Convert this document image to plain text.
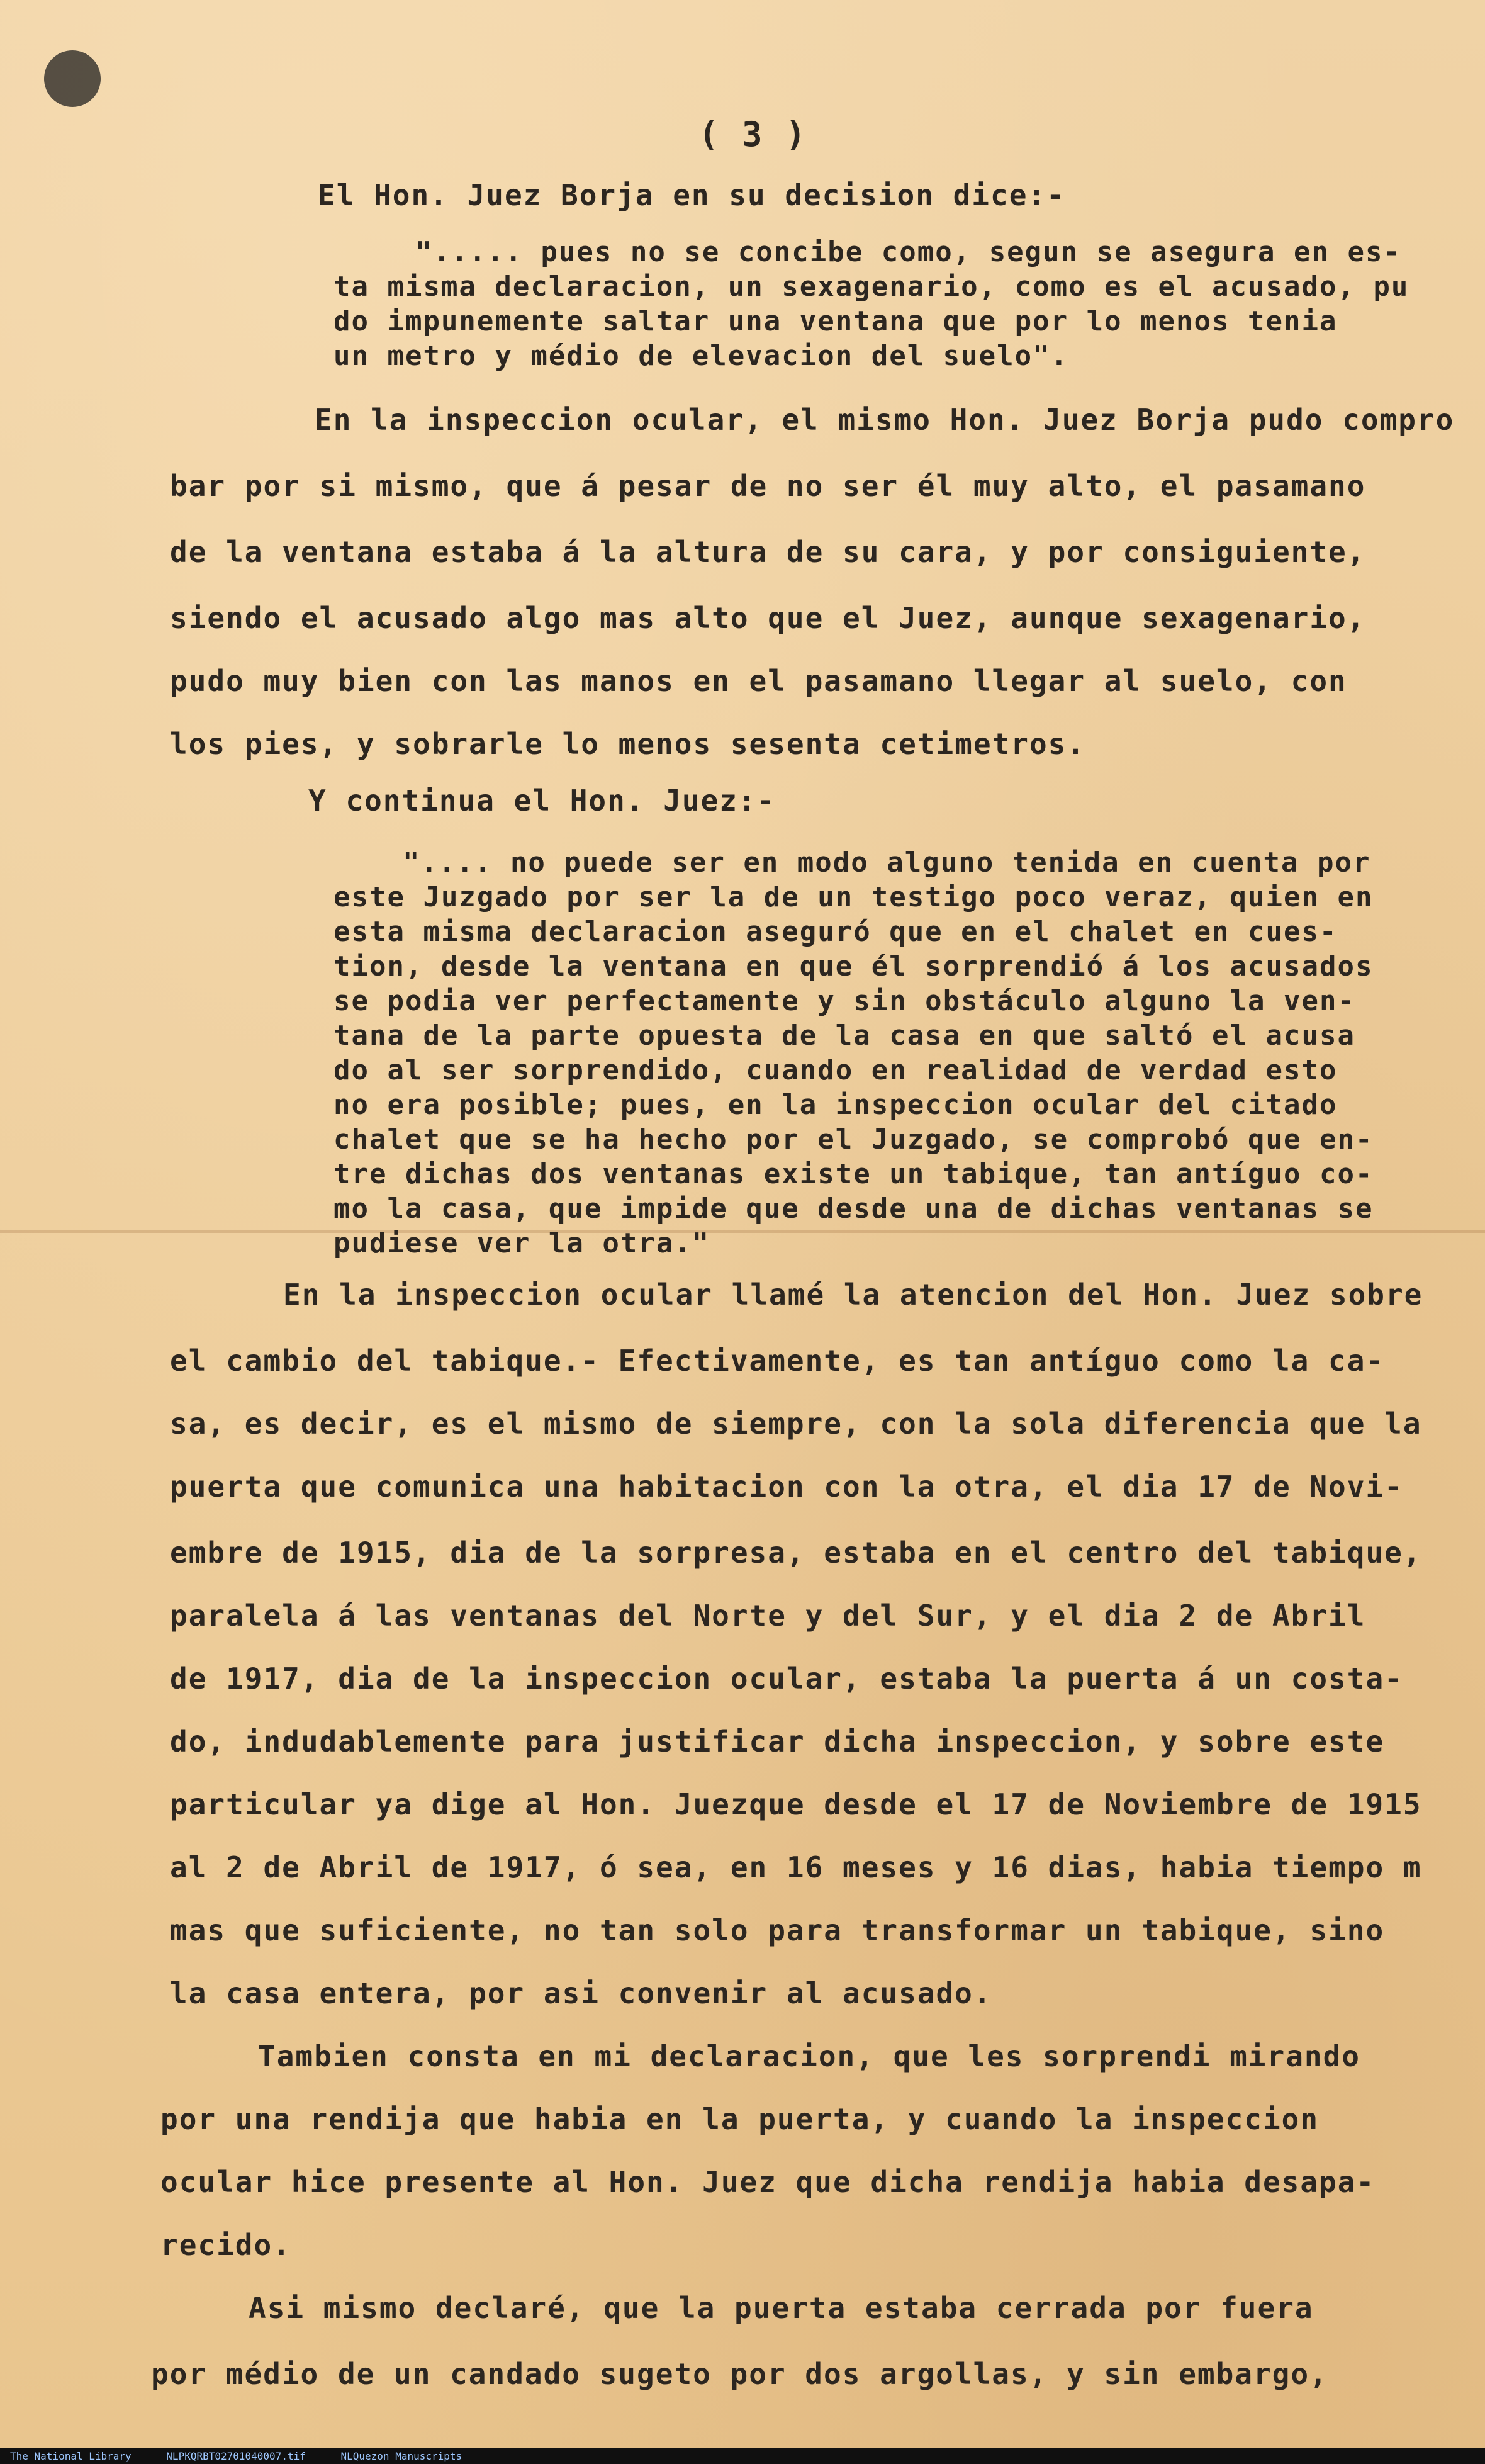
( 3 )
El Hon. Juez Borja en su decision dice:-
"..... pues no se concibe como, segun se asegura en es-
ta misma declaracion, un sexagenario, como es el acusado, pu
do impunemente saltar una ventana que por lo menos tenia
un metro y médio de elevacion del suelo".
En la inspeccion ocular, el mismo Hon. Juez Borja pudo compro
bar por si mismo, que á pesar de no ser él muy alto, el pasamano
de la ventana estaba á la altura de su cara, y por consiguiente,
siendo el acusado algo mas alto que el Juez, aunque sexagenario,
pudo muy bien con las manos en el pasamano llegar al suelo, con
los pies, y sobrarle lo menos sesenta cetimetros.
Y continua el Hon. Juez:-
".... no puede ser en modo alguno tenida en cuenta por
este Juzgado por ser la de un testigo poco veraz, quien en
esta misma declaracion aseguró que en el chalet en cues-
tion, desde la ventana en que él sorprendió á los acusados
se podia ver perfectamente y sin obstáculo alguno la ven-
tana de la parte opuesta de la casa en que saltó el acusa
do al ser sorprendido, cuando en realidad de verdad esto
no era posible; pues, en la inspeccion ocular del citado
chalet que se ha hecho por el Juzgado, se comprobó que en-
tre dichas dos ventanas existe un tabique, tan antíguo co-
mo la casa, que impide que desde una de dichas ventanas se
pudiese ver la otra."
En la inspeccion ocular llamé la atencion del Hon. Juez sobre
el cambio del tabique.- Efectivamente, es tan antíguo como la ca-
sa, es decir, es el mismo de siempre, con la sola diferencia que la
puerta que comunica una habitacion con la otra, el dia 17 de Novi-
embre de 1915, dia de la sorpresa, estaba en el centro del tabique,
paralela á las ventanas del Norte y del Sur, y el dia 2 de Abril
de 1917, dia de la inspeccion ocular, estaba la puerta á un costa-
do, indudablemente para justificar dicha inspeccion, y sobre este
particular ya dige al Hon. Juezque desde el 17 de Noviembre de 1915
al 2 de Abril de 1917, ó sea, en 16 meses y 16 dias, habia tiempo m
mas que suficiente, no tan solo para transformar un tabique, sino
la casa entera, por asi convenir al acusado.
Tambien consta en mi declaracion, que les sorprendi mirando
por una rendija que habia en la puerta, y cuando la inspeccion
ocular hice presente al Hon. Juez que dicha rendija habia desapa-
recido.
Asi mismo declaré, que la puerta estaba cerrada por fuera
por médio de un candado sugeto por dos argollas, y sin embargo,
The National Library	NLPKQRBT02701040007.tif	NLQuezon Manuscripts
